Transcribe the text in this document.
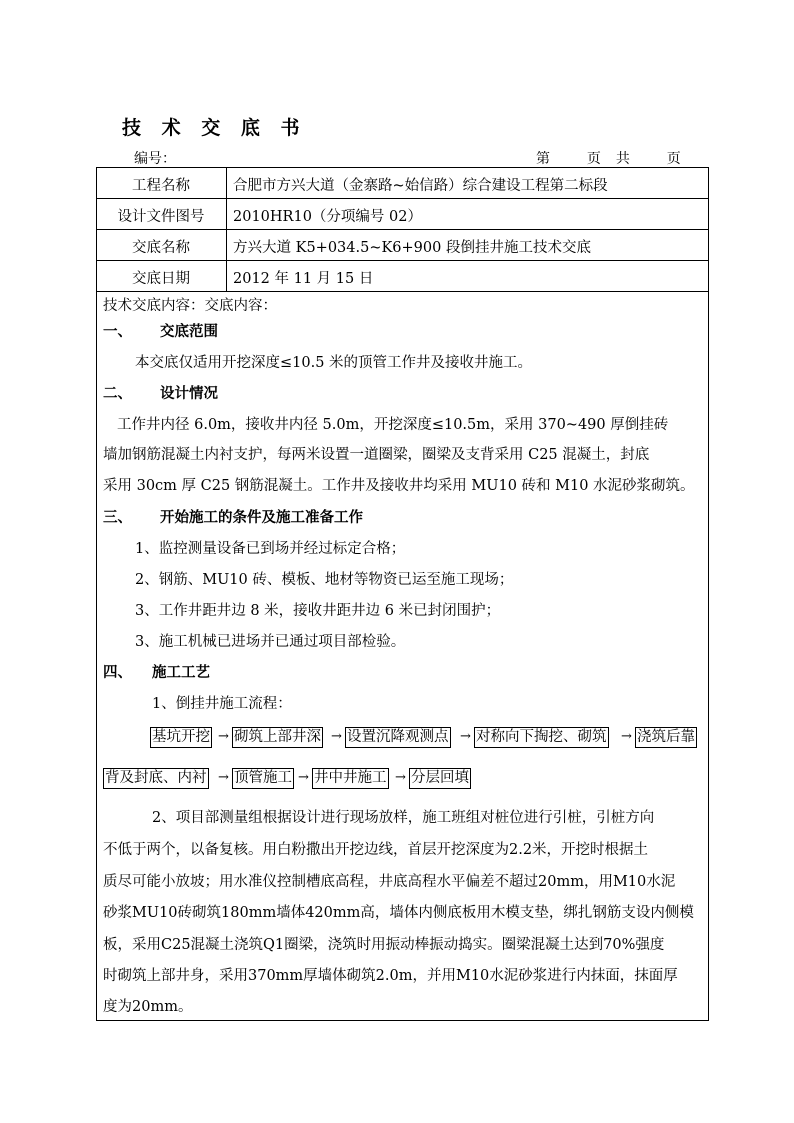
技 术 交 底 书
编号：	第	页 共	页
工程名称	合肥市方兴大道（金寨路~始信路）综合建设工程第二标段
设计文件图号	2010HR10（分项编号 02）
交底名称	方兴大道 K5+034.5~K6+900 段倒挂井施工技术交底
交底日期	2012 年 11 月 15 日
技术交底内容：交底内容：
一、 交底范围
本交底仅适用开挖深度≤10.5 米的顶管工作井及接收井施工。
二、 设计情况
工作井内径 6.0m，接收井内径 5.0m，开挖深度≤10.5m，采用 370~490 厚倒挂砖
墙加钢筋混凝土内衬支护，每两米设置一道圈梁，圈梁及支背采用 C25 混凝土，封底
采用 30cm 厚 C25 钢筋混凝土。工作井及接收井均采用 MU10 砖和 M10 水泥砂浆砌筑。
三、 开始施工的条件及施工准备工作
1、监控测量设备已到场并经过标定合格；
2、钢筋、MU10 砖、模板、地材等物资已运至施工现场；
3、工作井距井边 8 米，接收井距井边 6 米已封闭围护；
3、施工机械已进场并已通过项目部检验。
四、 施工工艺
1、倒挂井施工流程：
基坑开挖 → 砌筑上部井深 → 设置沉降观测点 → 对称向下掏挖、砌筑 → 浇筑后靠
背及封底、内衬 → 顶管施工 → 井中井施工 → 分层回填
2、项目部测量组根据设计进行现场放样，施工班组对桩位进行引桩，引桩方向
不低于两个，以备复核。用白粉撒出开挖边线，首层开挖深度为2.2米，开挖时根据土
质尽可能小放坡；用水准仪控制槽底高程，井底高程水平偏差不超过20mm，用M10水泥
砂浆MU10砖砌筑180mm墙体420mm高，墙体内侧底板用木模支垫，绑扎钢筋支设内侧模
板，采用C25混凝土浇筑Q1圈梁，浇筑时用振动棒振动捣实。圈梁混凝土达到70%强度
时砌筑上部井身，采用370mm厚墙体砌筑2.0m，并用M10水泥砂浆进行内抹面，抹面厚
度为20mm。
